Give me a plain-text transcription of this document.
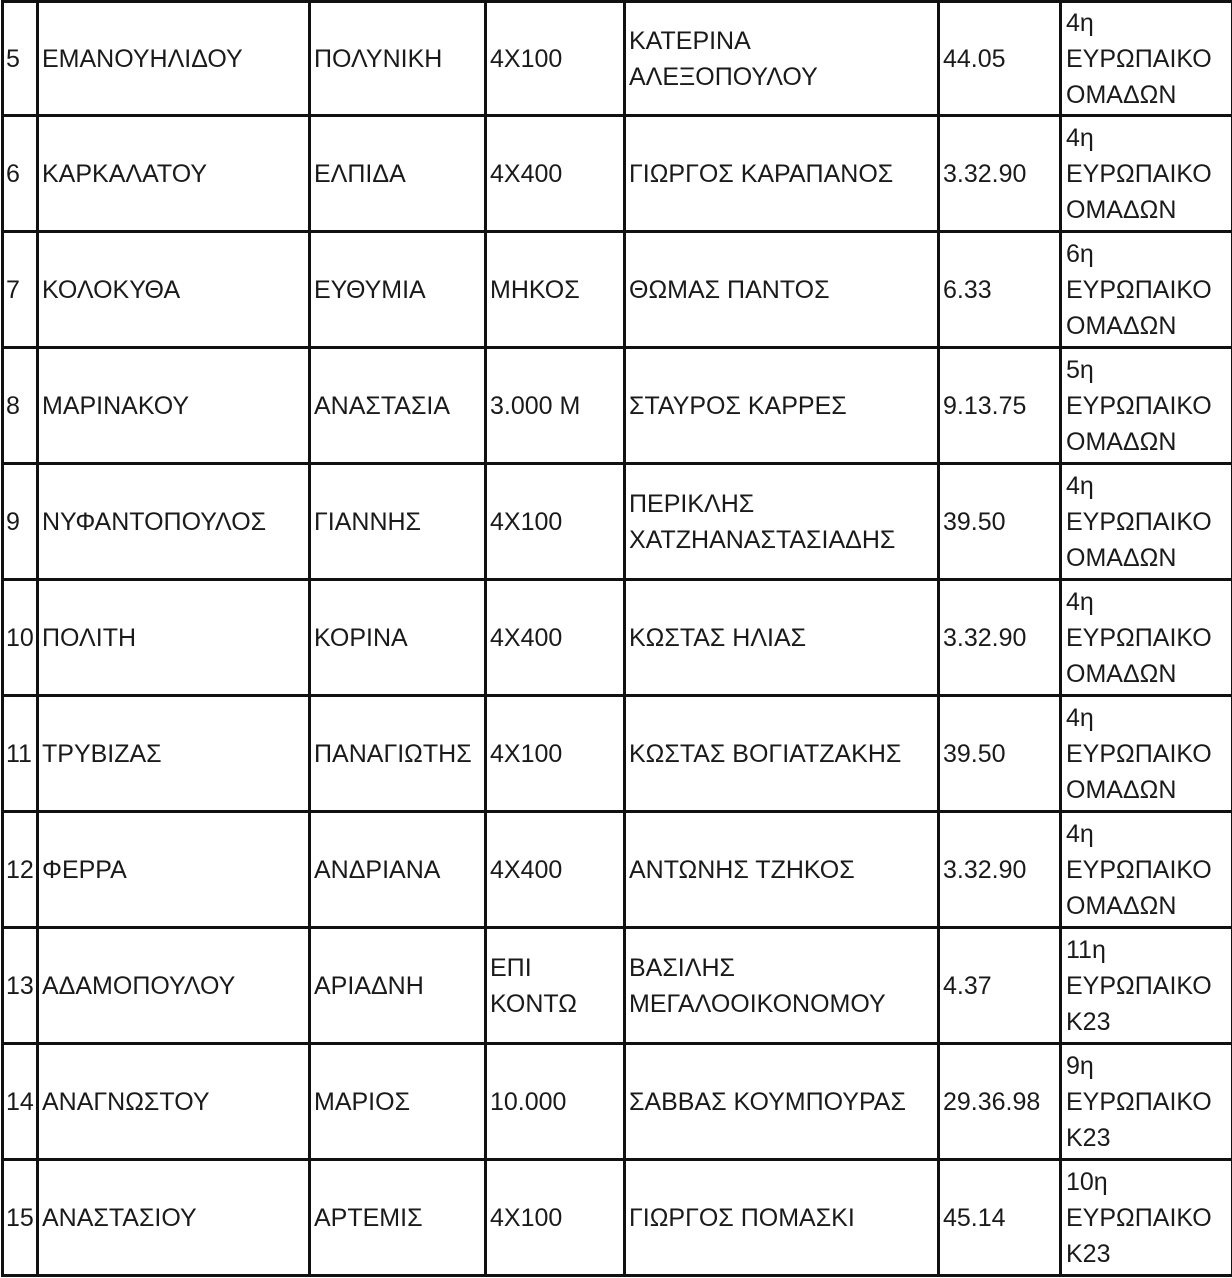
5	ΕΜΑΝΟΥΗΛΙΔΟΥ	ΠΟΛΥΝΙΚΗ	4Χ100	ΚΑΤΕΡΙΝΑ
ΑΛΕΞΟΠΟΥΛΟΥ	44.05	4η
ΕΥΡΩΠΑΙΚΟ
ΟΜΑΔΩΝ

6	ΚΑΡΚΑΛΑΤΟΥ	ΕΛΠΙΔΑ	4Χ400	ΓΙΩΡΓΟΣ ΚΑΡΑΠΑΝΟΣ	3.32.90	4η
ΕΥΡΩΠΑΙΚΟ
ΟΜΑΔΩΝ

7	ΚΟΛΟΚΥΘΑ	ΕΥΘΥΜΙΑ	ΜΗΚΟΣ	ΘΩΜΑΣ ΠΑΝΤΟΣ	6.33	6η
ΕΥΡΩΠΑΙΚΟ
ΟΜΑΔΩΝ

8	ΜΑΡΙΝΑΚΟΥ	ΑΝΑΣΤΑΣΙΑ	3.000 Μ	ΣΤΑΥΡΟΣ ΚΑΡΡΕΣ	9.13.75	5η
ΕΥΡΩΠΑΙΚΟ
ΟΜΑΔΩΝ

9	ΝΥΦΑΝΤΟΠΟΥΛΟΣ	ΓΙΑΝΝΗΣ	4Χ100	ΠΕΡΙΚΛΗΣ
ΧΑΤΖΗΑΝΑΣΤΑΣΙΑΔΗΣ	39.50	4η
ΕΥΡΩΠΑΙΚΟ
ΟΜΑΔΩΝ

10	ΠΟΛΙΤΗ	ΚΟΡΙΝΑ	4Χ400	ΚΩΣΤΑΣ ΗΛΙΑΣ	3.32.90	4η
ΕΥΡΩΠΑΙΚΟ
ΟΜΑΔΩΝ

11	ΤΡΥΒΙΖΑΣ	ΠΑΝΑΓΙΩΤΗΣ	4Χ100	ΚΩΣΤΑΣ ΒΟΓΙΑΤΖΑΚΗΣ	39.50	4η
ΕΥΡΩΠΑΙΚΟ
ΟΜΑΔΩΝ

12	ΦΕΡΡΑ	ΑΝΔΡΙΑΝΑ	4Χ400	ΑΝΤΩΝΗΣ ΤΖΗΚΟΣ	3.32.90	4η
ΕΥΡΩΠΑΙΚΟ
ΟΜΑΔΩΝ

13	ΑΔΑΜΟΠΟΥΛΟΥ	ΑΡΙΑΔΝΗ	ΕΠΙ
ΚΟΝΤΩ	ΒΑΣΙΛΗΣ
ΜΕΓΑΛΟΟΙΚΟΝΟΜΟΥ	4.37	11η
ΕΥΡΩΠΑΙΚΟ
Κ23

14	ΑΝΑΓΝΩΣΤΟΥ	ΜΑΡΙΟΣ	10.000	ΣΑΒΒΑΣ ΚΟΥΜΠΟΥΡΑΣ	29.36.98	9η
ΕΥΡΩΠΑΙΚΟ
Κ23

15	ΑΝΑΣΤΑΣΙΟΥ	ΑΡΤΕΜΙΣ	4Χ100	ΓΙΩΡΓΟΣ ΠΟΜΑΣΚΙ	45.14	10η
ΕΥΡΩΠΑΙΚΟ
Κ23
